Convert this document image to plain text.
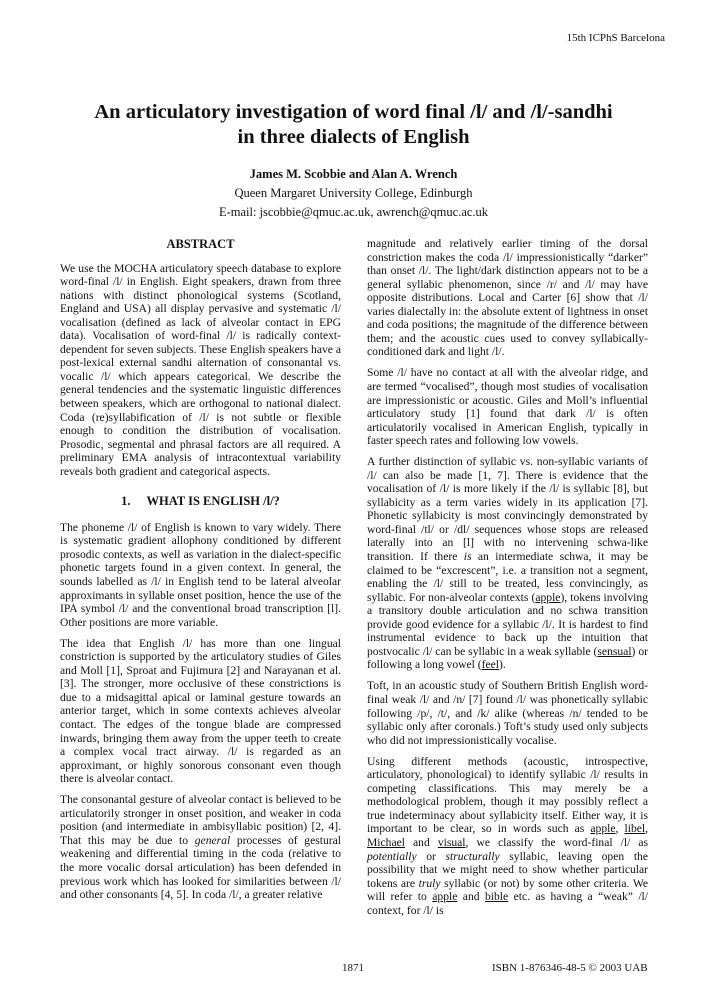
15th ICPhS Barcelona
An articulatory investigation of word final /l/ and /l/-sandhi
in three dialects of English
James M. Scobbie and Alan A. Wrench
Queen Margaret University College, Edinburgh
E-mail: jscobbie@qmuc.ac.uk, awrench@qmuc.ac.uk
ABSTRACT

We use the MOCHA articulatory speech database to explore word-final /l/ in English. Eight speakers, drawn from three nations with distinct phonological systems (Scotland, England and USA) all display pervasive and systematic /l/ vocalisation (defined as lack of alveolar contact in EPG data). Vocalisation of word-final /l/ is radically context-dependent for seven subjects. These English speakers have a post-lexical external sandhi alternation of consonantal vs. vocalic /l/ which appears categorical. We describe the general tendencies and the systematic linguistic differences between speakers, which are orthogonal to national dialect. Coda (re)syllabification of /l/ is not subtle or flexible enough to condition the distribution of vocalisation. Prosodic, segmental and phrasal factors are all required. A preliminary EMA analysis of intracontextual variability reveals both gradient and categorical aspects.

1. WHAT IS ENGLISH /l/?

The phoneme /l/ of English is known to vary widely. There is systematic gradient allophony conditioned by different prosodic contexts, as well as variation in the dialect-specific phonetic targets found in a given context. In general, the sounds labelled as /l/ in English tend to be lateral alveolar approximants in syllable onset position, hence the use of the IPA symbol /l/ and the conventional broad transcription [l]. Other positions are more variable.

The idea that English /l/ has more than one lingual constriction is supported by the articulatory studies of Giles and Moll [1], Sproat and Fujimura [2] and Narayanan et al. [3]. The stronger, more occlusive of these constrictions is due to a midsagittal apical or laminal gesture towards an anterior target, which in some contexts achieves alveolar contact. The edges of the tongue blade are compressed inwards, bringing them away from the upper teeth to create a complex vocal tract airway. /l/ is regarded as an approximant, or highly sonorous consonant even though there is alveolar contact.

The consonantal gesture of alveolar contact is believed to be articulatorily stronger in onset position, and weaker in coda position (and intermediate in ambisyllabic position) [2, 4]. That this may be due to general processes of gestural weakening and differential timing in the coda (relative to the more vocalic dorsal articulation) has been defended in previous work which has looked for similarities between /l/ and other consonants [4, 5]. In coda /l/, a greater relative

magnitude and relatively earlier timing of the dorsal constriction makes the coda /l/ impressionistically “darker” than onset /l/. The light/dark distinction appears not to be a general syllabic phenomenon, since /r/ and /l/ may have opposite distributions. Local and Carter [6] show that /l/ varies dialectally in: the absolute extent of lightness in onset and coda positions; the magnitude of the difference between them; and the acoustic cues used to convey syllabically-conditioned dark and light /l/.

Some /l/ have no contact at all with the alveolar ridge, and are termed “vocalised”, though most studies of vocalisation are impressionistic or acoustic. Giles and Moll’s influential articulatory study [1] found that dark /l/ is often articulatorily vocalised in American English, typically in faster speech rates and following low vowels.

A further distinction of syllabic vs. non-syllabic variants of /l/ can also be made [1, 7]. There is evidence that the vocalisation of /l/ is more likely if the /l/ is syllabic [8], but syllabicity as a term varies widely in its application [7]. Phonetic syllabicity is most convincingly demonstrated by word-final /tl/ or /dl/ sequences whose stops are released laterally into an [l] with no intervening schwa-like transition. If there is an intermediate schwa, it may be claimed to be “excrescent”, i.e. a transition not a segment, enabling the /l/ still to be treated, less convincingly, as syllabic. For non-alveolar contexts (apple), tokens involving a transitory double articulation and no schwa transition provide good evidence for a syllabic /l/. It is hardest to find instrumental evidence to back up the intuition that postvocalic /l/ can be syllabic in a weak syllable (sensual) or following a long vowel (feel).

Toft, in an acoustic study of Southern British English word-final weak /l/ and /n/ [7] found /l/ was phonetically syllabic following /p/, /t/, and /k/ alike (whereas /n/ tended to be syllabic only after coronals.) Toft’s study used only subjects who did not impressionistically vocalise.

Using different methods (acoustic, introspective, articulatory, phonological) to identify syllabic /l/ results in competing classifications. This may merely be a methodological problem, though it may possibly reflect a true indeterminacy about syllabicity itself. Either way, it is important to be clear, so in words such as apple, libel, Michael and visual, we classify the word-final /l/ as potentially or structurally syllabic, leaving open the possibility that we might need to show whether particular tokens are truly syllabic (or not) by some other criteria. We will refer to apple and bible etc. as having a “weak” /l/ context, for /l/ is

1871	ISBN 1-876346-48-5 © 2003 UAB
